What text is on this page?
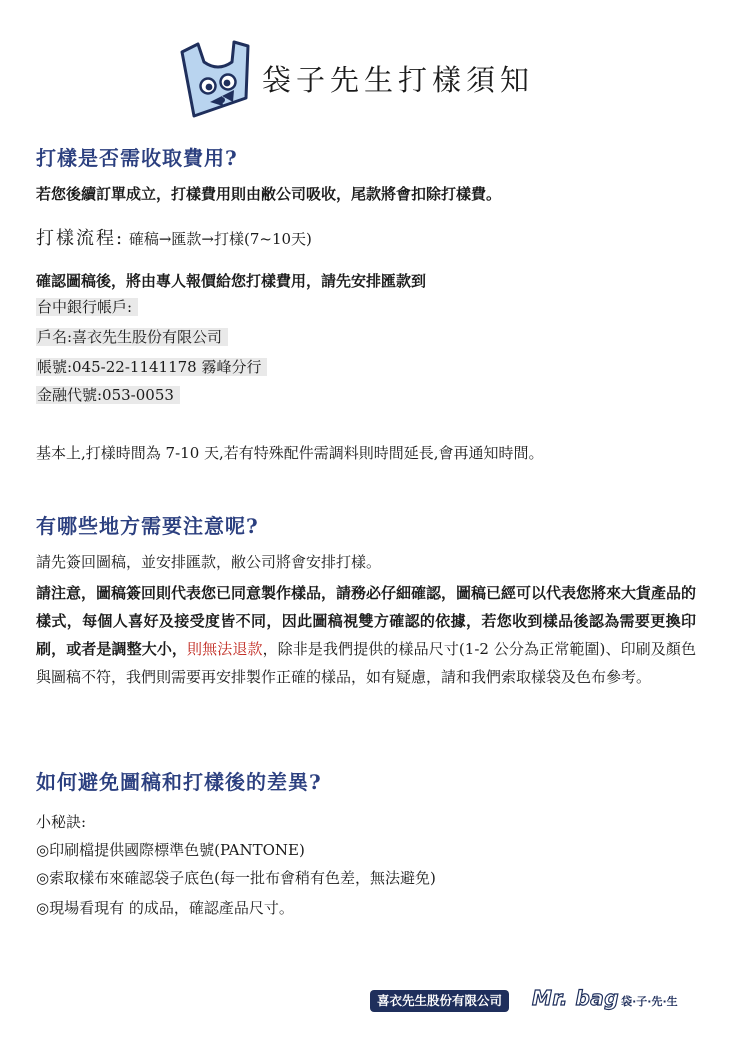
袋子先生打樣須知
打樣是否需收取費用?
若您後續訂單成立，打樣費用則由敝公司吸收，尾款將會扣除打樣費。
打樣流程: 確稿→匯款→打樣(7~10天)
確認圖稿後，將由專人報價給您打樣費用，請先安排匯款到
台中銀行帳戶:
戶名:喜衣先生股份有限公司
帳號:045-22-1141178 霧峰分行
金融代號:053-0053
基本上,打樣時間為 7-10 天,若有特殊配件需調料則時間延長,會再通知時間。
有哪些地方需要注意呢?
請先簽回圖稿，並安排匯款，敝公司將會安排打樣。

請注意，圖稿簽回則代表您已同意製作樣品，請務必仔細確認，圖稿已經可以代表您將來大貨產品的樣式，每個人喜好及接受度皆不同，因此圖稿視雙方確認的依據，若您收到樣品後認為需要更換印刷，或者是調整大小，則無法退款，除非是我們提供的樣品尺寸(1-2 公分為正常範圍)、印刷及顏色與圖稿不符，我們則需要再安排製作正確的樣品，如有疑慮，請和我們索取樣袋及色布參考。

如何避免圖稿和打樣後的差異?
小秘訣:
◎印刷檔提供國際標準色號(PANTONE)
◎索取樣布來確認袋子底色(每一批布會稍有色差，無法避免)
◎現場看現有 的成品，確認產品尺寸。
喜衣先生股份有限公司	Mr. bag 袋·子·先·生
